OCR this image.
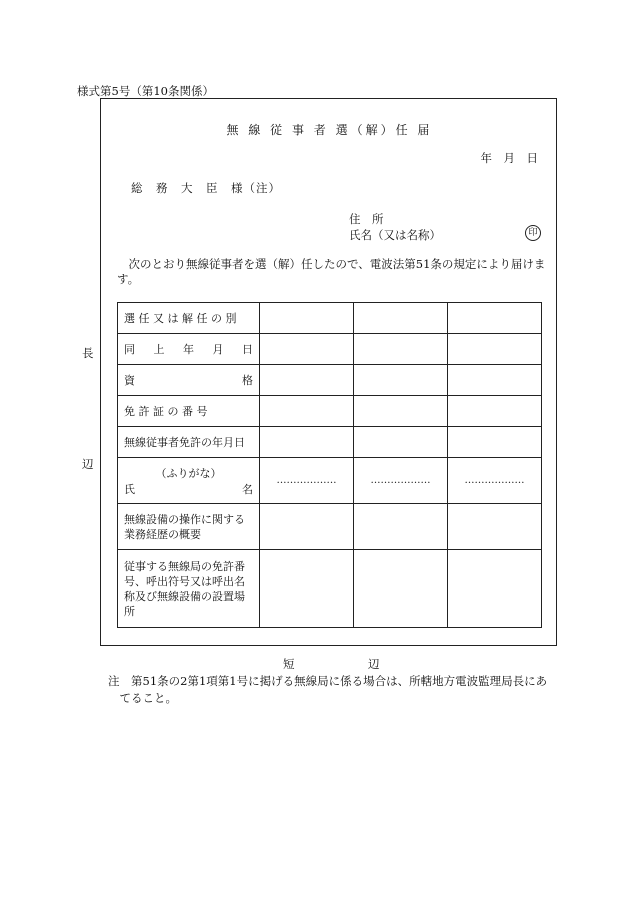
様式第5号（第10条関係）
長
辺
無 線 従 事 者 選（解）任 届
年　月　日
総　務　大　臣　様（注）
住　所
氏名（又は名称）	印
次のとおり無線従事者を選（解）任したので、電波法第51条の規定により届けます。
選 任 又 は 解 任 の 別			

同 上 年 月 日			

資 格			

免 許 証 の 番 号			
無線従事者免許の年月日			

（ふりがな）
氏 名	………………	………………	………………

無線設備の操作に関する業務経歴の概要			
従事する無線局の免許番号、呼出符号又は呼出名称及び無線設備の設置場所			
短	辺
注　第51条の2第1項第1号に掲げる無線局に係る場合は、所轄地方電波監理局長にあ
てること。
